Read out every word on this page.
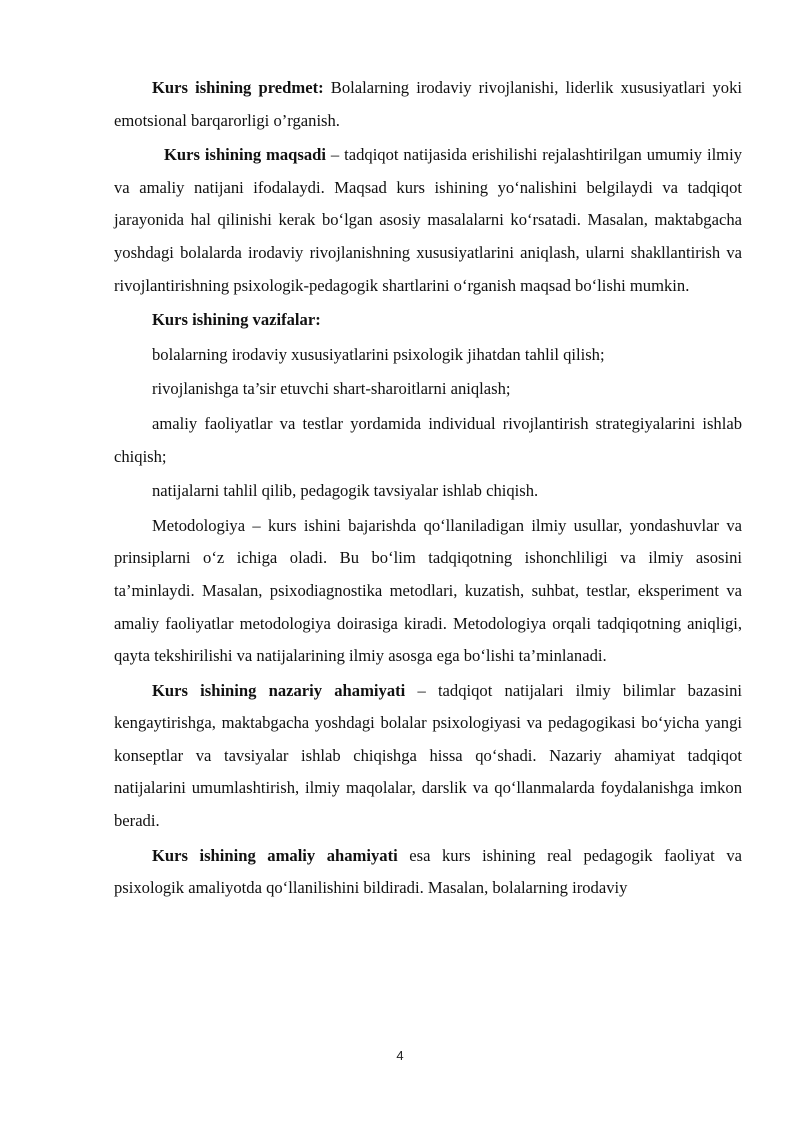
Kurs ishining predmet: Bolalarning irodaviy rivojlanishi, liderlik xususiyatlari yoki emotsional barqarorligi o’rganish.

Kurs ishining maqsadi – tadqiqot natijasida erishilishi rejalashtirilgan umumiy ilmiy va amaliy natijani ifodalaydi. Maqsad kurs ishining yo‘nalishini belgilaydi va tadqiqot jarayonida hal qilinishi kerak bo‘lgan asosiy masalalarni ko‘rsatadi. Masalan, maktabgacha yoshdagi bolalarda irodaviy rivojlanishning xususiyatlarini aniqlash, ularni shakllantirish va rivojlantirishning psixologik-pedagogik shartlarini o‘rganish maqsad bo‘lishi mumkin.

Kurs ishining vazifalar:

bolalarning irodaviy xususiyatlarini psixologik jihatdan tahlil qilish;

rivojlanishga ta’sir etuvchi shart-sharoitlarni aniqlash;

amaliy faoliyatlar va testlar yordamida individual rivojlantirish strategiyalarini ishlab chiqish;

natijalarni tahlil qilib, pedagogik tavsiyalar ishlab chiqish.

Metodologiya – kurs ishini bajarishda qo‘llaniladigan ilmiy usullar, yondashuvlar va prinsiplarni o‘z ichiga oladi. Bu bo‘lim tadqiqotning ishonchliligi va ilmiy asosini ta’minlaydi. Masalan, psixodiagnostika metodlari, kuzatish, suhbat, testlar, eksperiment va amaliy faoliyatlar metodologiya doirasiga kiradi. Metodologiya orqali tadqiqotning aniqligi, qayta tekshirilishi va natijalarining ilmiy asosga ega bo‘lishi ta’minlanadi.

Kurs ishining nazariy ahamiyati – tadqiqot natijalari ilmiy bilimlar bazasini kengaytirishga, maktabgacha yoshdagi bolalar psixologiyasi va pedagogikasi bo‘yicha yangi konseptlar va tavsiyalar ishlab chiqishga hissa qo‘shadi. Nazariy ahamiyat tadqiqot natijalarini umumlashtirish, ilmiy maqolalar, darslik va qo‘llanmalarda foydalanishga imkon beradi.

Kurs ishining amaliy ahamiyati esa kurs ishining real pedagogik faoliyat va psixologik amaliyotda qo‘llanilishini bildiradi. Masalan, bolalarning irodaviy

4
